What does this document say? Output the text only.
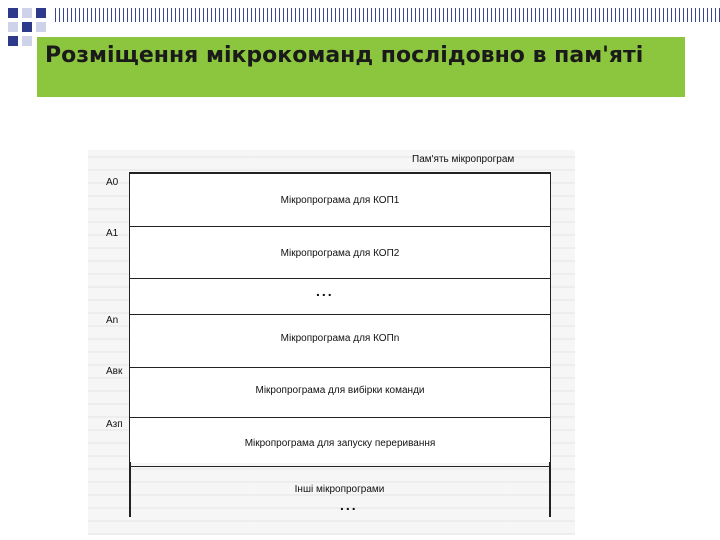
Розміщення мікрокоманд послідовно в пам'яті
Пам'ять мікропрограм
A0
A1
An
Aвк
Aзп
Мікропрограма для КОП1
Мікропрограма для КОП2
...
Мікропрограма для КОПn
Мікропрограма для вибірки команди
Мікропрограма для запуску переривання
Інші мікропрограми
...
